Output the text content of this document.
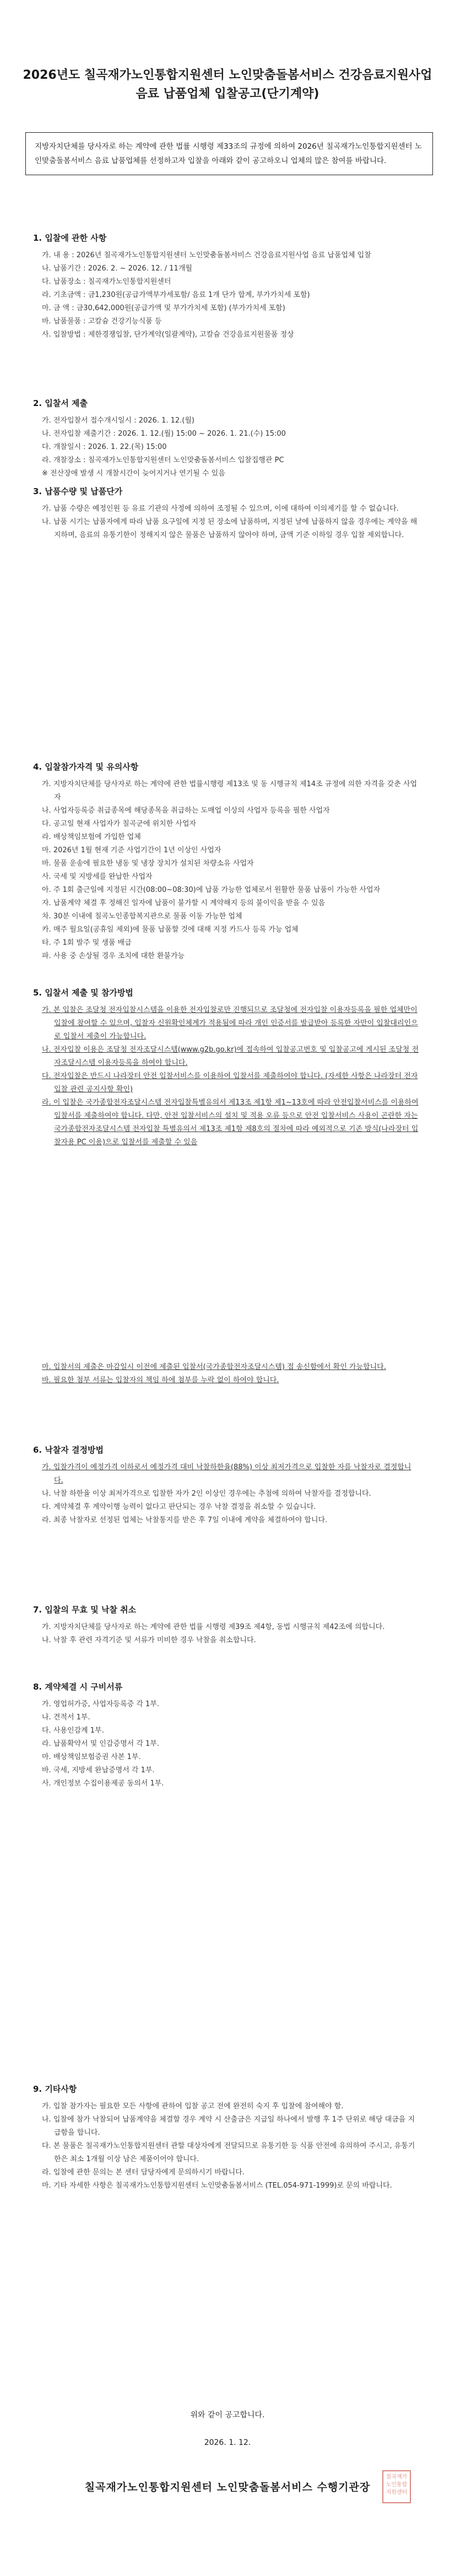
2026년도 칠곡재가노인통합지원센터 노인맞춤돌봄서비스 건강음료지원사업 음료 납품업체 입찰공고(단기계약)
지방자치단체를 당사자로 하는 계약에 관한 법률 시행령 제33조의 규정에 의하여 2026년 칠곡재가노인통합지원센터 노인맞춤돌봄서비스 음료 납품업체를 선정하고자 입찰을 아래와 같이 공고하오니 업체의 많은 참여를 바랍니다.
1. 입찰에 관한 사항
가. 내 용 : 2026년 칠곡재가노인통합지원센터 노인맞춤돌봄서비스 건강음료지원사업 음료 납품업체 입찰
나. 납품기간 : 2026. 2. ~ 2026. 12. / 11개월
다. 납품장소 : 칠곡재가노인통합지원센터
라. 기초금액 : 금1,230원(공급가액부가세포함/ 음료 1개 단가 합계, 부가가치세 포함)
마. 금 액 : 금30,642,000원(공급가액 및 부가가치세 포함) (부가가치세 포함)
바. 납품물품 : 고칼슘 건강기능식품 등
사. 입찰방법 : 제한경쟁입찰, 단가계약(일괄계약), 고칼슘 건강음료지원물품 정상
2. 입찰서 제출
가. 전자입찰서 접수개시일시 : 2026. 1. 12.(월)
나. 전자입찰 제출기간 : 2026. 1. 12.(월) 15:00 ~ 2026. 1. 21.(수) 15:00
다. 개찰일시 : 2026. 1. 22.(목) 15:00
라. 개찰장소 : 칠곡재가노인통합지원센터 노인맞춤돌봄서비스 입찰집행관 PC
※ 전산장애 발생 시 개찰시간이 늦어지거나 연기될 수 있음
3. 납품수량 및 납품단가
가. 납품 수량은 예정인원 등 유료 기관의 사정에 의하여 조정될 수 있으며, 이에 대하여 이의제기를 할 수 없습니다.
나. 납품 시기는 납품자에게 따라 납품 요구일에 지정 된 장소에 납품하며, 지정된 날에 납품하지 않을 경우에는 계약을 해지하며, 음료의 유통기한이 정해지지 않은 물품은 납품하지 않아야 하며, 금액 기준 이하일 경우 입찰 제외합니다.
4. 입찰참가자격 및 유의사항
가. 지방자치단체를 당사자로 하는 계약에 관한 법률시행령 제13조 및 동 시행규칙 제14조 규정에 의한 자격을 갖춘 사업자
나. 사업자등록증 취급종목에 해당종목을 취급하는 도매업 이상의 사업자 등록을 필한 사업자
다. 공고일 현재 사업자가 칠곡군에 위치한 사업자
라. 배상책임보험에 가입한 업체
마. 2026년 1월 현재 기준 사업기간이 1년 이상인 사업자
바. 물품 운송에 필요한 냉동 및 냉장 장치가 설치된 차량소유 사업자
사. 국세 및 지방세를 완납한 사업자
아. 주 1회 출근일에 지정된 시간(08:00~08:30)에 납품 가능한 업체로서 원활한 물품 납품이 가능한 사업자
자. 납품계약 체결 후 정해진 일자에 납품이 불가할 시 계약해지 등의 불이익을 받을 수 있음
차. 30분 이내에 칠곡노인종합복지관으로 물품 이동 가능한 업체
카. 매주 월요일(공휴일 제외)에 물품 납품할 것에 대해 지정 카드사 등록 가능 업체
타. 주 1회 발주 및 생품 배급
파. 사용 중 손상될 경우 조치에 대한 환불가능
5. 입찰서 제출 및 참가방법
가. 본 입찰은 조달청 전자입찰시스템을 이용한 전자입찰로만 진행되므로 조달청에 전자입찰 이용자등록을 필한 업체만이 입찰에 참여할 수 있으며, 입찰자 신원확인체계가 적용됨에 따라 개인 인증서를 발급받아 등록한 자만이 입찰대리인으로 입찰서 제출이 가능합니다.
나. 전자입찰 이용은 조달청 전자조달시스템(www.g2b.go.kr)에 접속하여 입찰공고번호 및 입찰공고에 게시된 조달청 전자조달시스템 이용자등록을 하여야 합니다.
다. 전자입찰은 반드시 나라장터 안전 입찰서비스를 이용하여 입찰서를 제출하여야 합니다. (자세한 사항은 나라장터 전자입찰 관련 공지사항 확인)
라. 이 입찰은 국가종합전자조달시스템 전자입찰특별유의서 제13조 제1항 제1~13호에 따라 안전입찰서비스를 이용하여 입찰서를 제출하여야 합니다. 다만, 안전 입찰서비스의 설치 및 적용 오류 등으로 안전 입찰서비스 사용이 곤란한 자는 국가종합전자조달시스템 전자입찰 특별유의서 제13조 제1항 제8호의 절차에 따라 예외적으로 기존 방식(나라장터 입찰자용 PC 이용)으로 입찰서를 제출할 수 있음
마. 입찰서의 제출은 마감일시 이전에 제출된 입찰서(국가종합전자조달시스템) 접 송신함에서 확인 가능합니다.
바. 필요한 첨부 서류는 입찰자의 책임 하에 첨부를 누락 없이 하여야 합니다.
6. 낙찰자 결정방법
가. 입찰가격이 예정가격 이하로서 예정가격 대비 낙찰하한율(88%) 이상 최저가격으로 입찰한 자를 낙찰자로 결정합니다.
나. 낙찰 하한율 이상 최저가격으로 입찰한 자가 2인 이상인 경우에는 추첨에 의하여 낙찰자를 결정합니다.
다. 계약체결 후 계약이행 능력이 없다고 판단되는 경우 낙찰 결정을 취소할 수 있습니다.
라. 최종 낙찰자로 선정된 업체는 낙찰통지를 받은 후 7일 이내에 계약을 체결하여야 합니다.
7. 입찰의 무효 및 낙찰 취소
가. 지방자치단체를 당사자로 하는 계약에 관한 법률 시행령 제39조 제4항, 동법 시행규칙 제42조에 의합니다.
나. 낙찰 후 관련 자격기준 및 서류가 미비한 경우 낙찰을 취소합니다.
8. 계약체결 시 구비서류
가. 영업허가증, 사업자등록증 각 1부.
나. 견적서 1부.
다. 사용인감계 1부.
라. 납품확약서 및 인감증명서 각 1부.
마. 배상책임보험증권 사본 1부.
바. 국세, 지방세 완납증명서 각 1부.
사. 개인정보 수집이용제공 동의서 1부.
9. 기타사항
가. 입찰 참가자는 필요한 모든 사항에 관하여 입찰 공고 전에 완전히 숙지 후 입찰에 참여해야 함.
나. 입찰에 참가 낙찰되어 납품계약을 체결할 경우 계약 시 산출금은 지급일 하나에서 발행 후 1주 단위로 해당 대금을 지급함을 합니다.
다. 본 물품은 칠곡재가노인통합지원센터 관할 대상자에게 전달되므로 유통기한 등 식품 안전에 유의하여 주시고, 유통기한은 최소 1개월 이상 남은 제품이어야 합니다.
라. 입찰에 관한 문의는 본 센터 담당자에게 문의하시기 바랍니다.
마. 기타 자세한 사항은 칠곡재가노인통합지원센터 노인맞춤돌봄서비스 (TEL.054-971-1999)로 문의 바랍니다.
위와 같이 공고합니다.
2026. 1. 12.
칠곡재가노인통합지원센터 노인맞춤돌봄서비스 수행기관장
칠곡재가노인통합지원센터
